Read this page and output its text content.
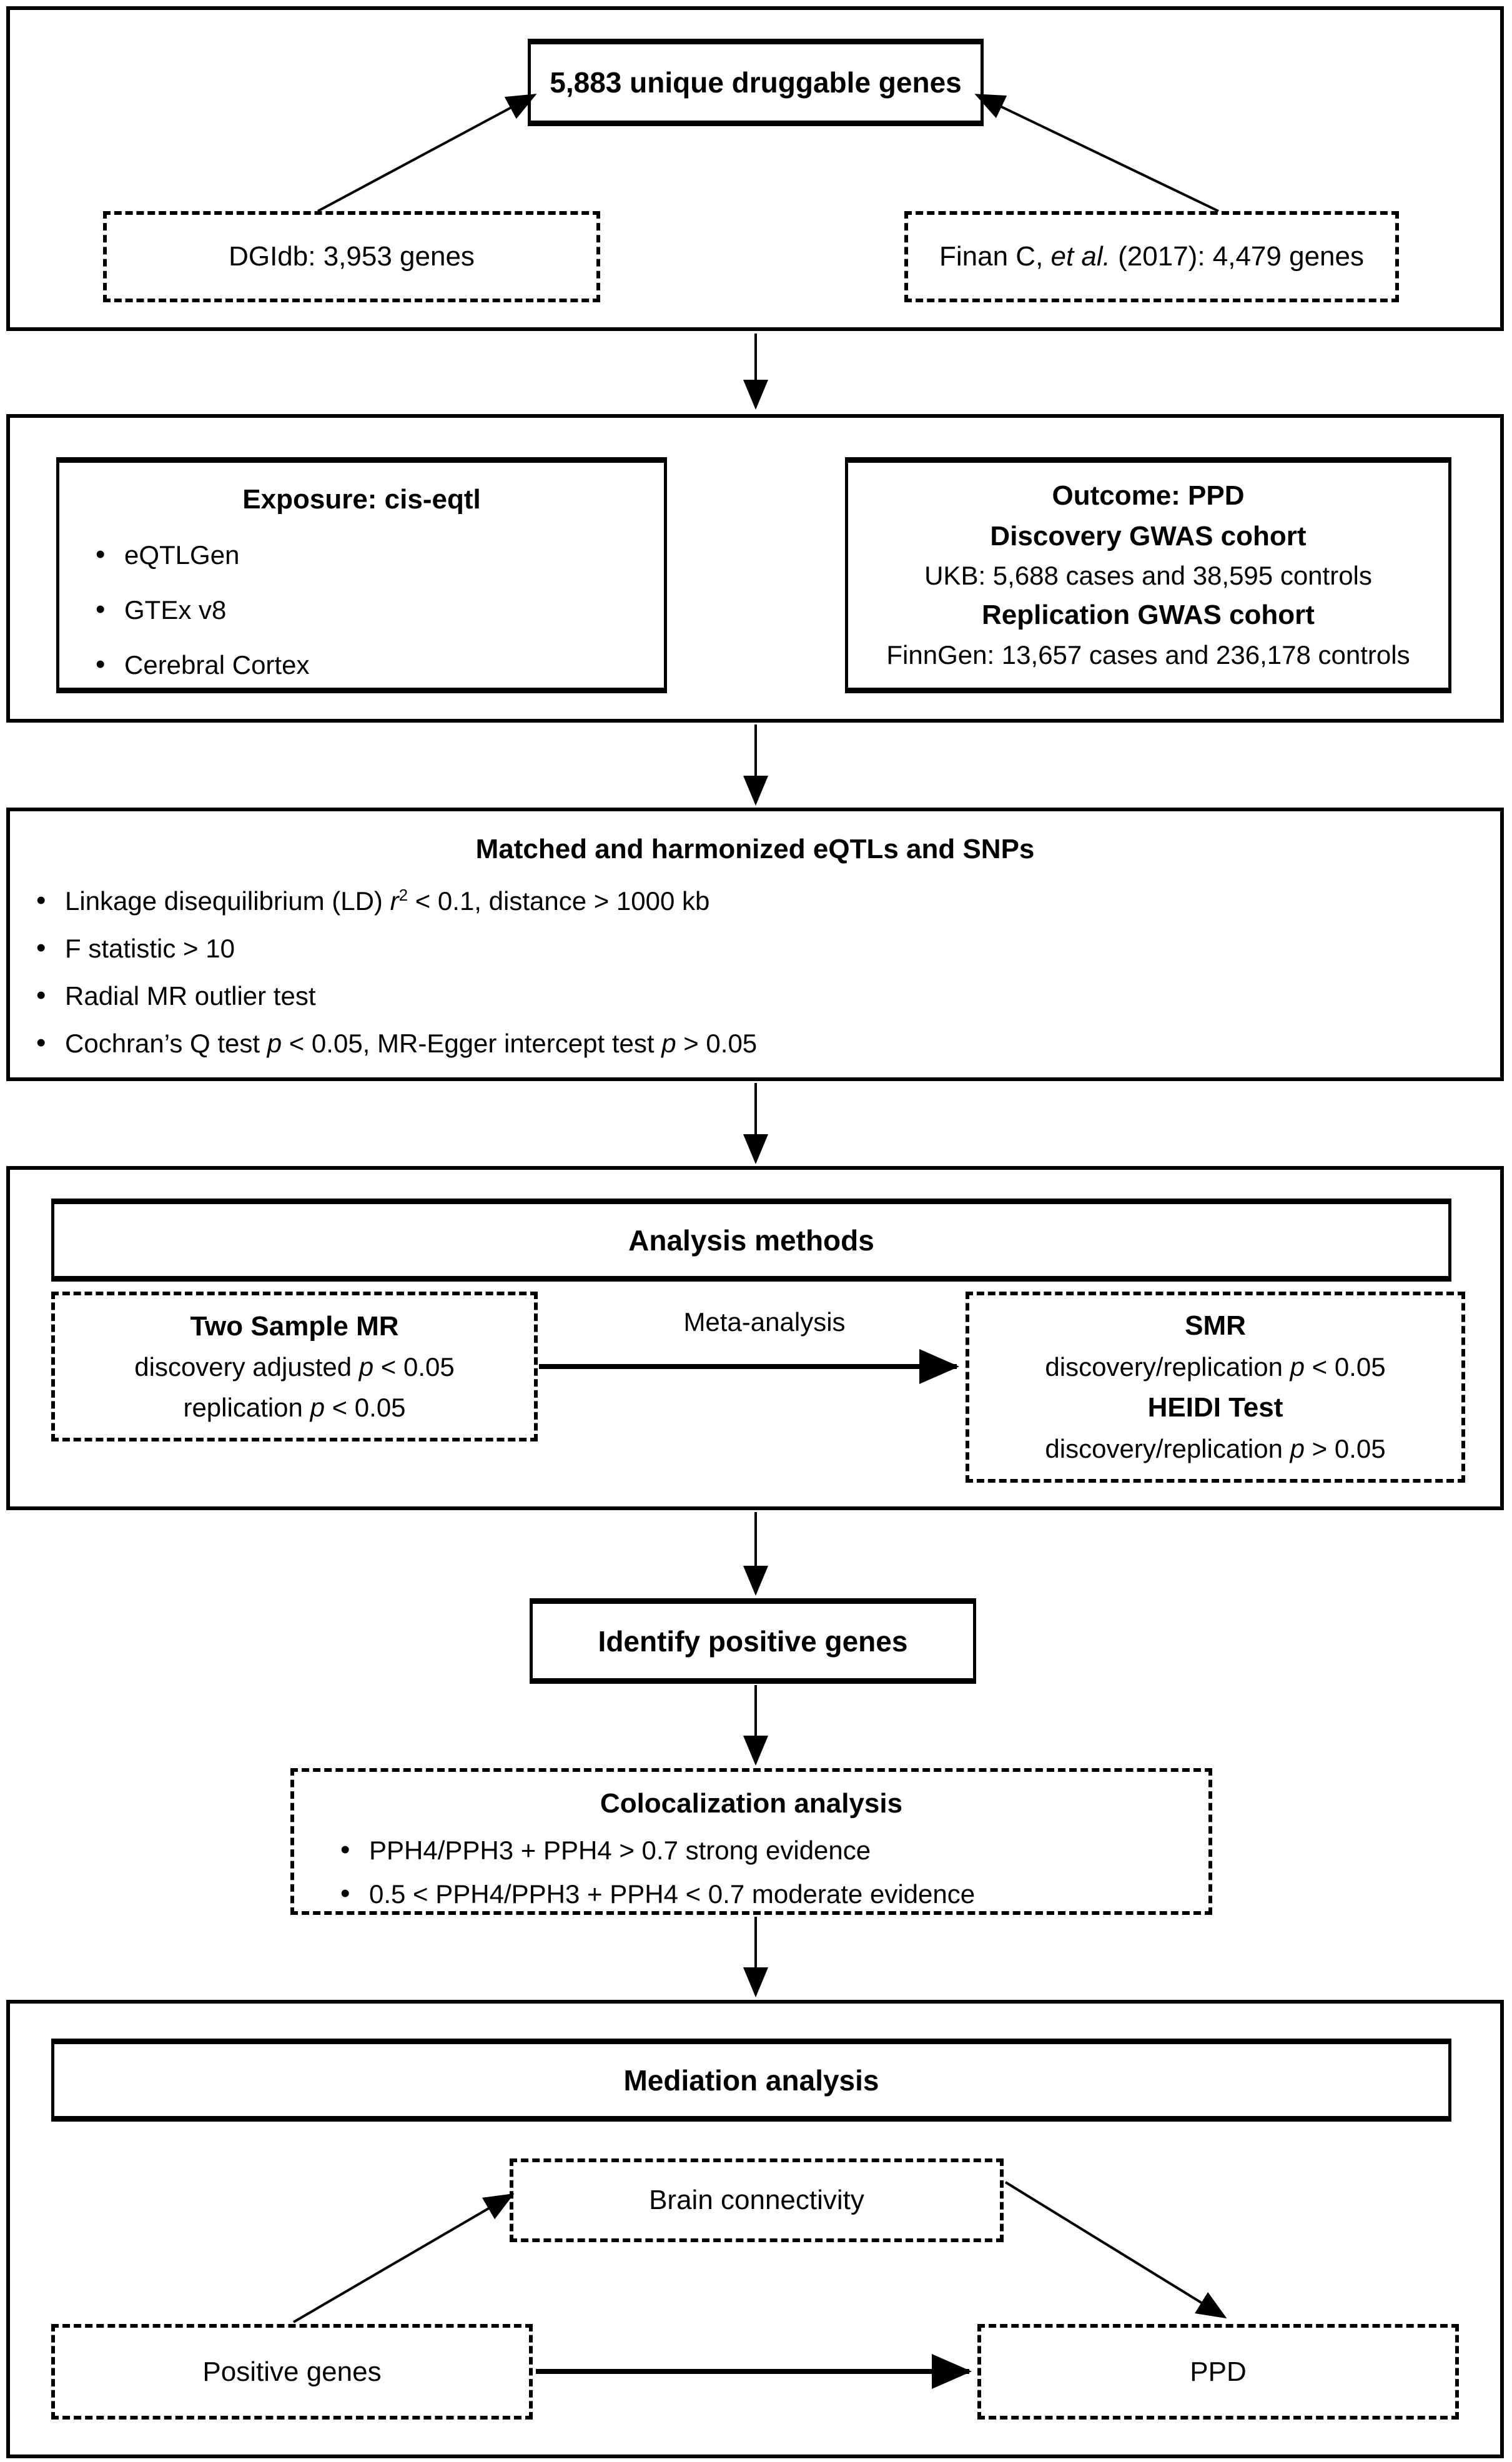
5,883 unique druggable genes
DGIdb: 3,953 genes	Finan C, et al. (2017): 4,479 genes
Exposure: cis-eqtl
• eQTLGen
• GTEx v8
• Cerebral Cortex
Outcome: PPD
Discovery GWAS cohort
UKB: 5,688 cases and 38,595 controls
Replication GWAS cohort
FinnGen: 13,657 cases and 236,178 controls
Matched and harmonized eQTLs and SNPs
• Linkage disequilibrium (LD) $r^2 < 0.1$, distance > 1000 kb
• F statistic > 10
• Radial MR outlier test
• Cochran’s Q test p < 0.05, MR-Egger intercept test p > 0.05
Analysis methods
Two Sample MR
discovery adjusted p < 0.05
replication p < 0.05
Meta-analysis	SMR
discovery/replication p < 0.05
HEIDI Test
discovery/replication p > 0.05
Identify positive genes
Colocalization analysis
• PPH4/PPH3 + PPH4 > 0.7 strong evidence
• 0.5 < PPH4/PPH3 + PPH4 < 0.7 moderate evidence
Mediation analysis
Brain connectivity
Positive genes	PPD
